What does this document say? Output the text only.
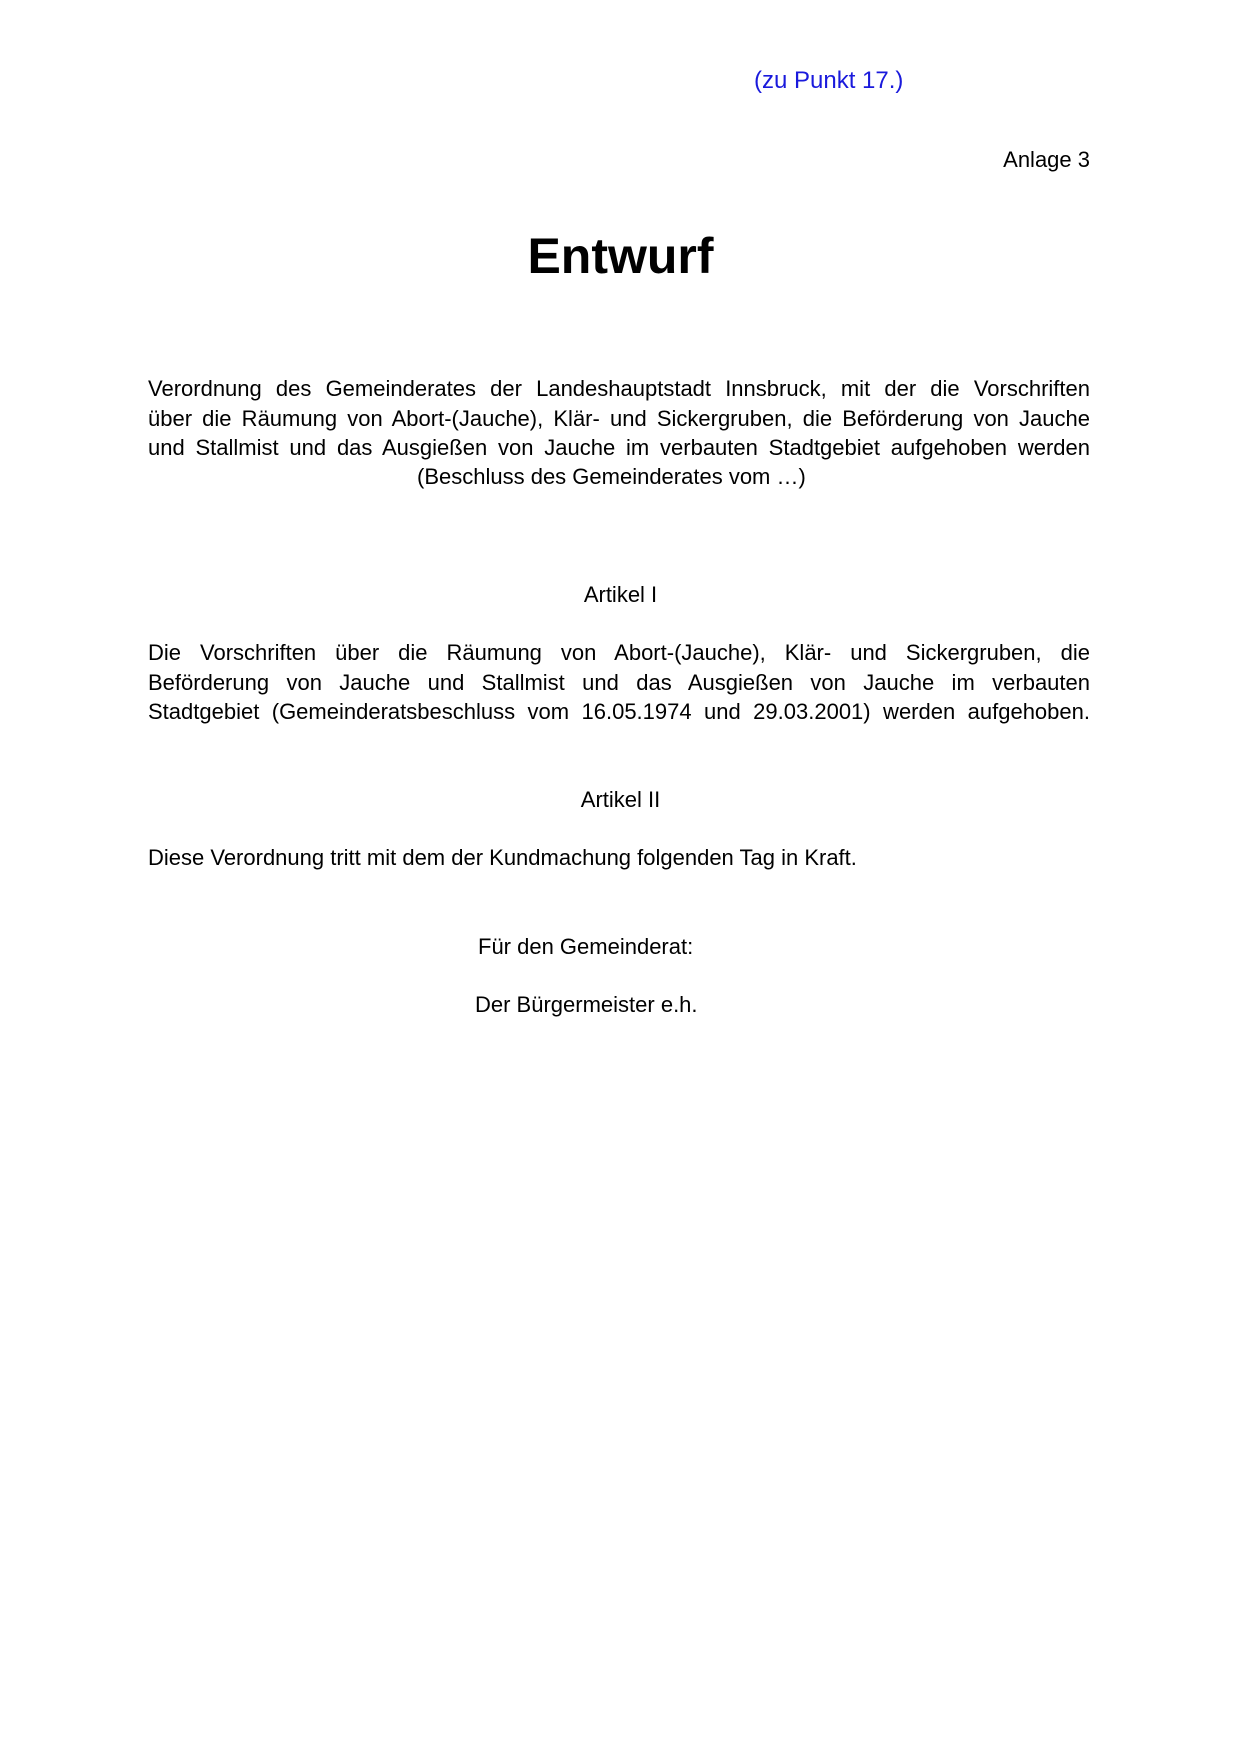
(zu Punkt 17.)
Anlage 3
Entwurf
Verordnung des Gemeinderates der Landeshauptstadt Innsbruck, mit der die Vorschriften
über die Räumung von Abort-(Jauche), Klär- und Sickergruben, die Beförderung von Jauche
und Stallmist und das Ausgießen von Jauche im verbauten Stadtgebiet aufgehoben werden
(Beschluss des Gemeinderates vom …)
Artikel I
Die Vorschriften über die Räumung von Abort-(Jauche), Klär- und Sickergruben, die
Beförderung von Jauche und Stallmist und das Ausgießen von Jauche im verbauten
Stadtgebiet (Gemeinderatsbeschluss vom 16.05.1974 und 29.03.2001) werden aufgehoben.
Artikel II
Diese Verordnung tritt mit dem der Kundmachung folgenden Tag in Kraft.
Für den Gemeinderat:
Der Bürgermeister e.h.
